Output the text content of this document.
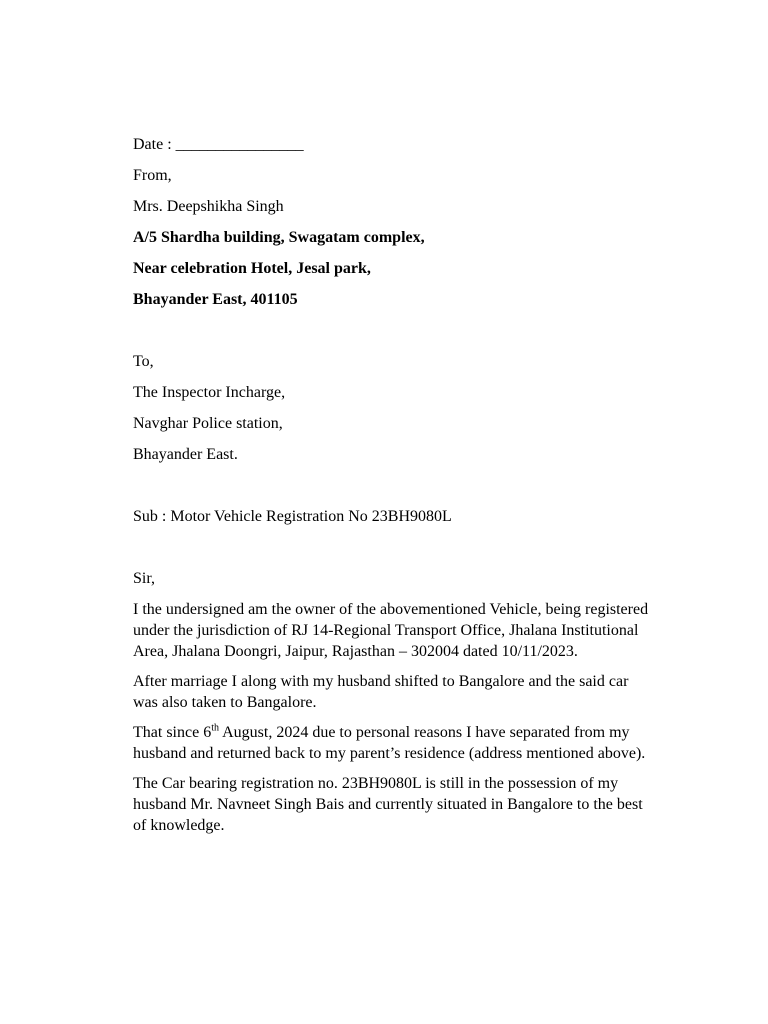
Date : ________________

From,

Mrs. Deepshikha Singh

A/5 Shardha building, Swagatam complex,

Near celebration Hotel, Jesal park,

Bhayander East, 401105

To,

The Inspector Incharge,

Navghar Police station,

Bhayander East.

Sub : Motor Vehicle Registration No 23BH9080L

Sir,

I the undersigned am the owner of the abovementioned Vehicle, being registered under the jurisdiction of RJ 14-Regional Transport Office, Jhalana Institutional Area, Jhalana Doongri, Jaipur, Rajasthan – 302004 dated 10/11/2023.

After marriage I along with my husband shifted to Bangalore and the said car was also taken to Bangalore.

That since 6th August, 2024 due to personal reasons I have separated from my husband and returned back to my parent’s residence (address mentioned above).

The Car bearing registration no. 23BH9080L is still in the possession of my husband Mr. Navneet Singh Bais and currently situated in Bangalore to the best of knowledge.
